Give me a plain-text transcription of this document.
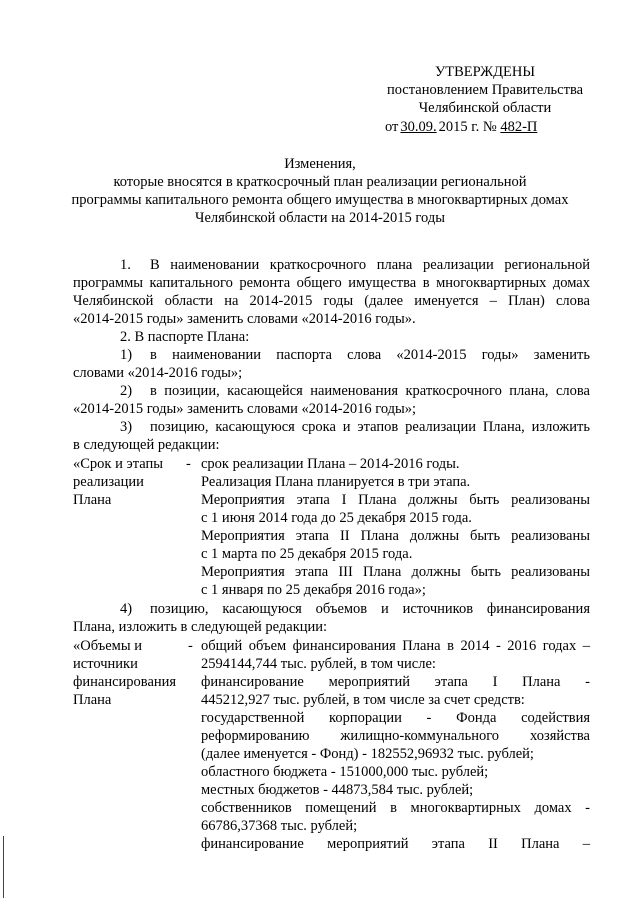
УТВЕРЖДЕНЫ
постановлением Правительства
Челябинской области
от 30.09. 2015 г. № 482-П
Изменения,
которые вносятся в краткосрочный план реализации региональной
программы капитального ремонта общего имущества в многоквартирных домах
Челябинской области на 2014-2015 годы
1. В наименовании краткосрочного плана реализации региональной
программы капитального ремонта общего имущества в многоквартирных домах
Челябинской области на 2014-2015 годы (далее именуется – План) слова
«2014-2015 годы» заменить словами «2014-2016 годы».
2. В паспорте Плана:
1) в наименовании паспорта слова «2014-2015 годы» заменить
словами «2014-2016 годы»;
2) в позиции, касающейся наименования краткосрочного плана, слова
«2014-2015 годы» заменить словами «2014-2016 годы»;
3) позицию, касающуюся срока и этапов реализации Плана, изложить
в следующей редакции:
«Срок и этапы -
реализации
Плана
срок реализации Плана – 2014-2016 годы.
Реализация Плана планируется в три этапа.
Мероприятия этапа I Плана должны быть реализованы
с 1 июня 2014 года до 25 декабря 2015 года.
Мероприятия этапа II Плана должны быть реализованы
с 1 марта по 25 декабря 2015 года.
Мероприятия этапа III Плана должны быть реализованы
с 1 января по 25 декабря 2016 года»;
4) позицию, касающуюся объемов и источников финансирования
Плана, изложить в следующей редакции:
«Объемы и	-
источники
финансирования
Плана
общий объем финансирования Плана в 2014 - 2016 годах –
2594144,744 тыс. рублей, в том числе:
финансирование мероприятий этапа I Плана -
445212,927 тыс. рублей, в том числе за счет средств:
государственной корпорации - Фонда содействия
реформированию жилищно-коммунального хозяйства
(далее именуется - Фонд) - 182552,96932 тыс. рублей;
областного бюджета - 151000,000 тыс. рублей;
местных бюджетов - 44873,584 тыс. рублей;
собственников помещений в многоквартирных домах -
66786,37368 тыс. рублей;
финансирование мероприятий этапа II Плана –
